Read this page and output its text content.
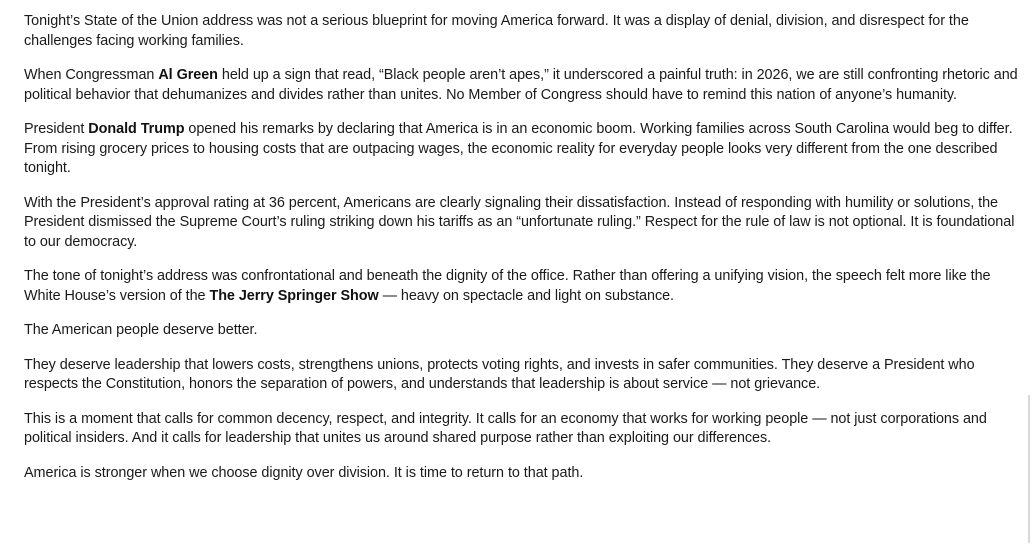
Tonight’s State of the Union address was not a serious blueprint for moving America forward. It was a display of denial, division, and disrespect for the challenges facing working families.

When Congressman Al Green held up a sign that read, “Black people aren’t apes,” it underscored a painful truth: in 2026, we are still confronting rhetoric and political behavior that dehumanizes and divides rather than unites. No Member of Congress should have to remind this nation of anyone’s humanity.

President Donald Trump opened his remarks by declaring that America is in an economic boom. Working families across South Carolina would beg to differ. From rising grocery prices to housing costs that are outpacing wages, the economic reality for everyday people looks very different from the one described tonight.

With the President’s approval rating at 36 percent, Americans are clearly signaling their dissatisfaction. Instead of responding with humility or solutions, the President dismissed the Supreme Court’s ruling striking down his tariffs as an “unfortunate ruling.” Respect for the rule of law is not optional. It is foundational to our democracy.

The tone of tonight’s address was confrontational and beneath the dignity of the office. Rather than offering a unifying vision, the speech felt more like the White House’s version of the The Jerry Springer Show — heavy on spectacle and light on substance.

The American people deserve better.

They deserve leadership that lowers costs, strengthens unions, protects voting rights, and invests in safer communities. They deserve a President who respects the Constitution, honors the separation of powers, and understands that leadership is about service — not grievance.

This is a moment that calls for common decency, respect, and integrity. It calls for an economy that works for working people — not just corporations and political insiders. And it calls for leadership that unites us around shared purpose rather than exploiting our differences.

America is stronger when we choose dignity over division. It is time to return to that path.
